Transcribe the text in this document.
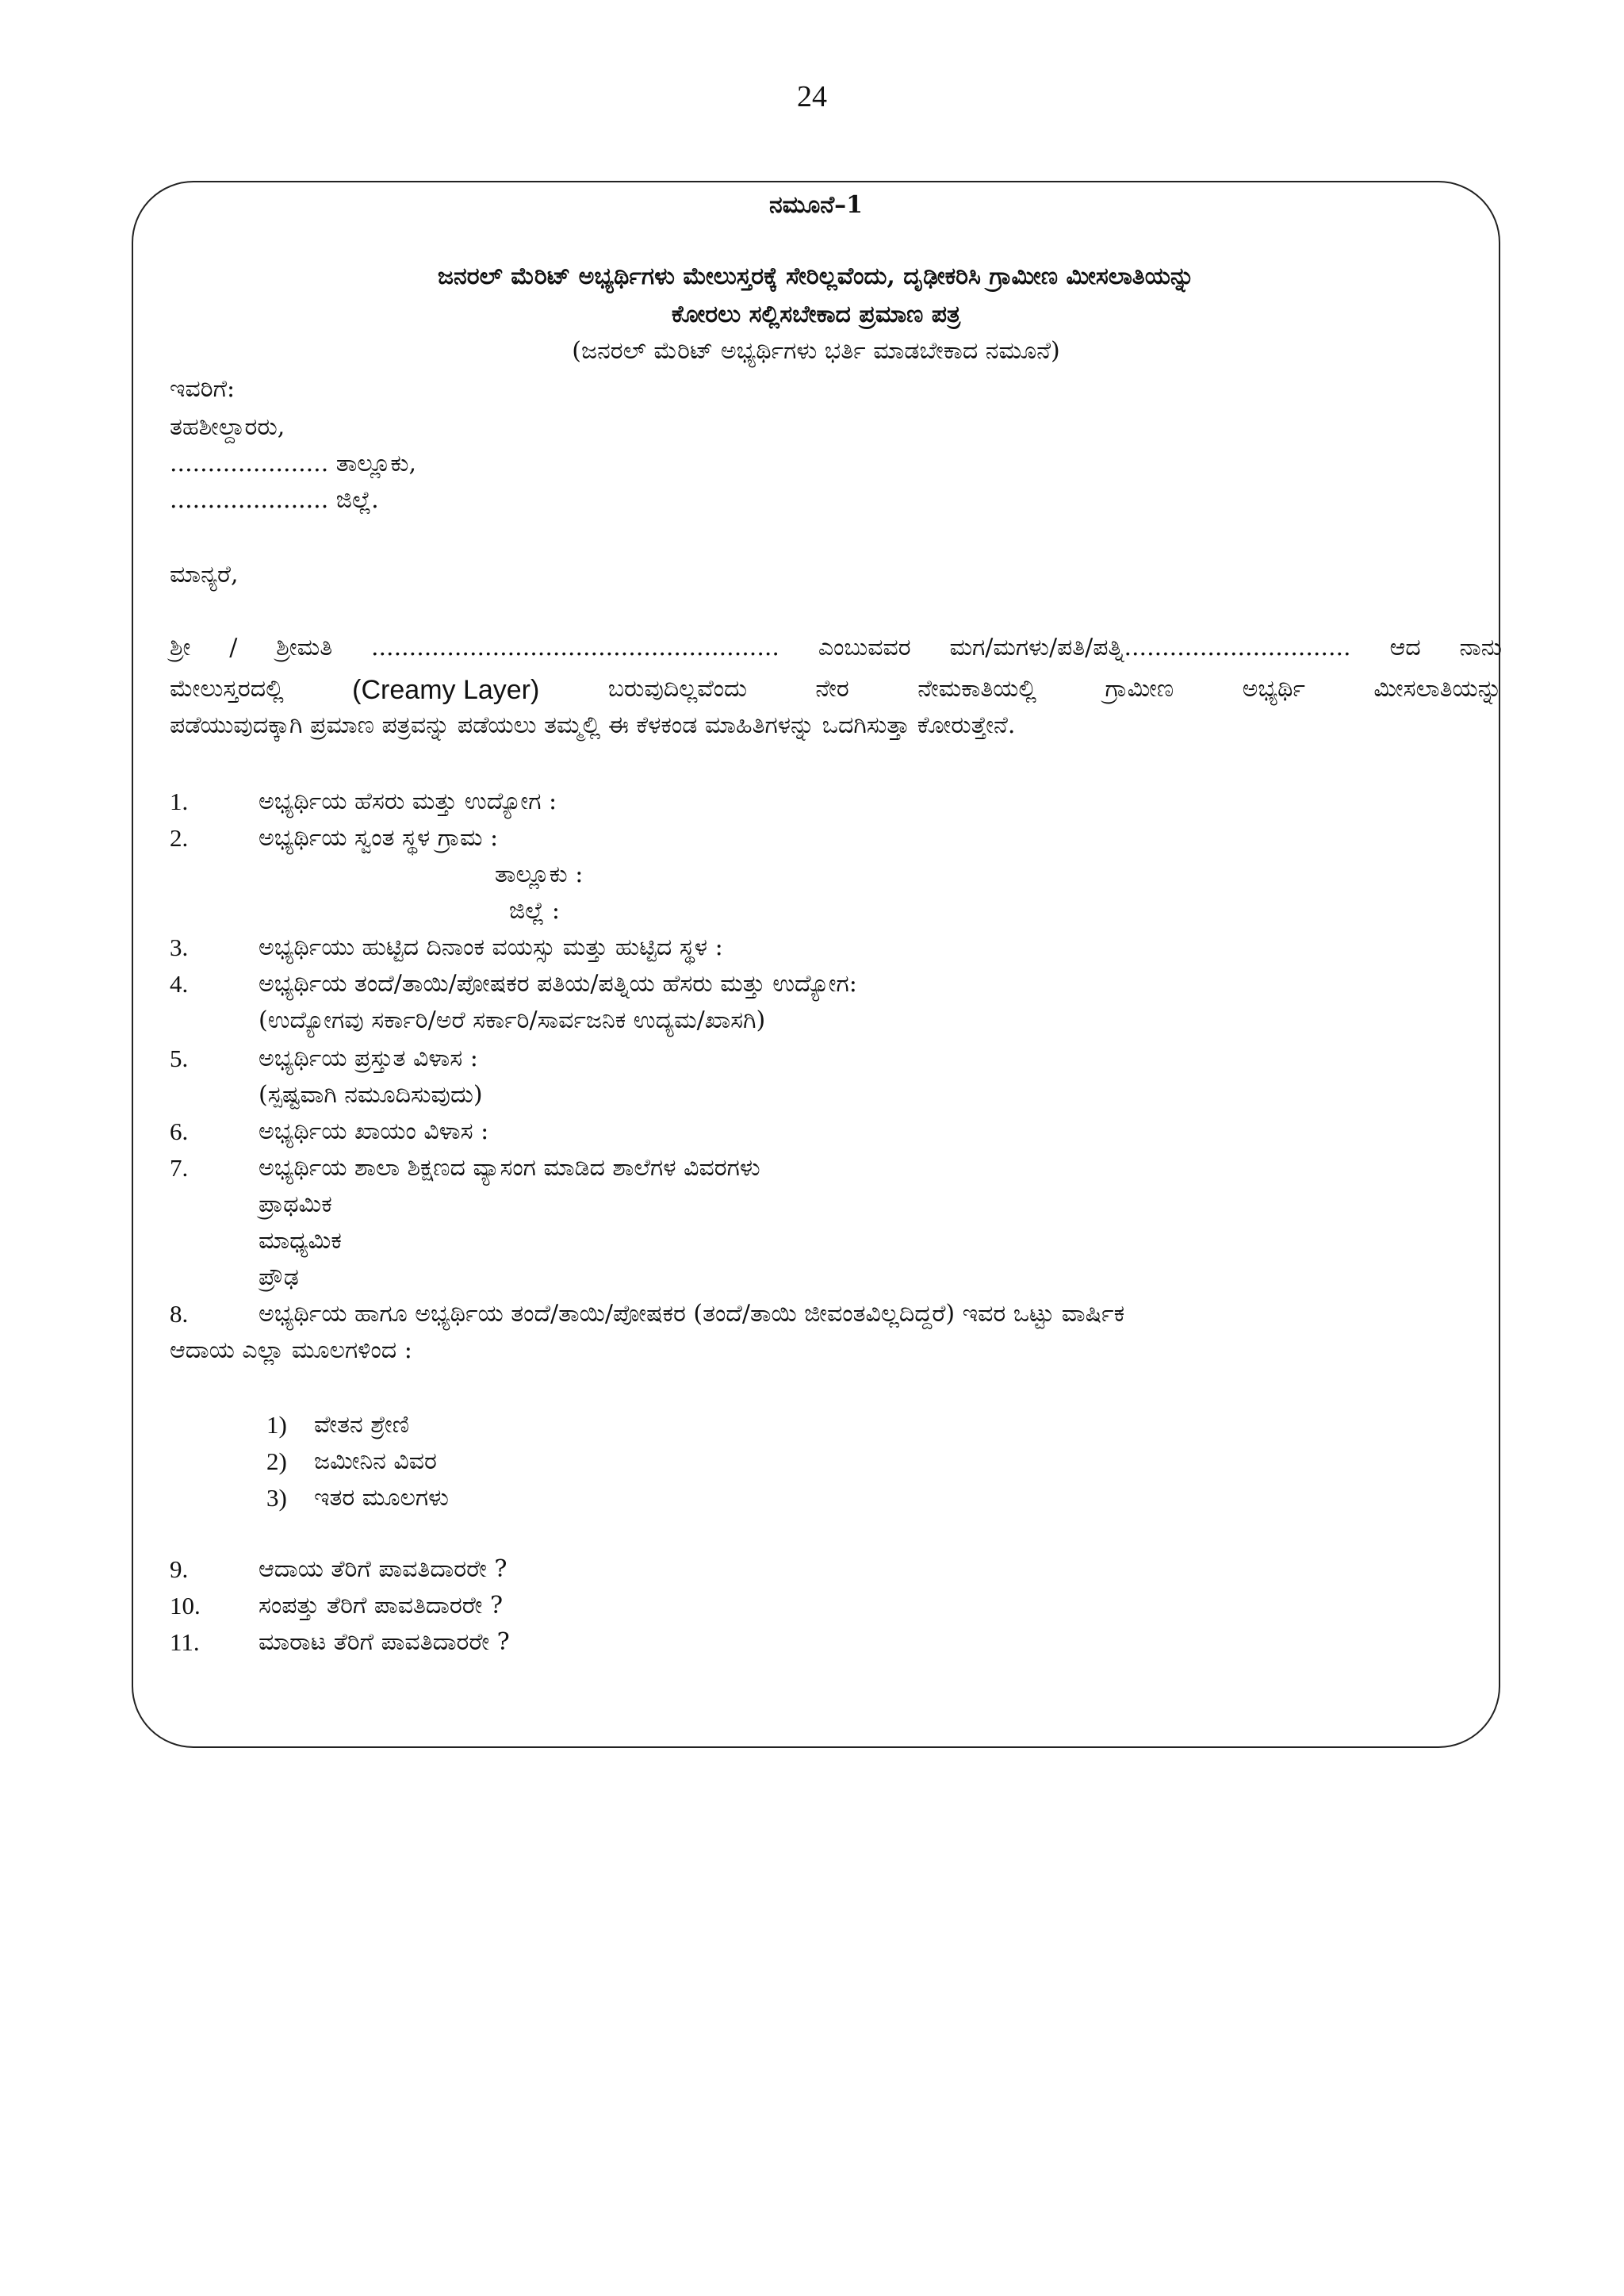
24
ನಮೂನೆ–1
ಜನರಲ್ ಮೆರಿಟ್ ಅಭ್ಯರ್ಥಿಗಳು ಮೇಲುಸ್ತರಕ್ಕೆ ಸೇರಿಲ್ಲವೆಂದು, ದೃಢೀಕರಿಸಿ ಗ್ರಾಮೀಣ ಮೀಸಲಾತಿಯನ್ನು
ಕೋರಲು ಸಲ್ಲಿಸಬೇಕಾದ ಪ್ರಮಾಣ ಪತ್ರ
(ಜನರಲ್ ಮೆರಿಟ್ ಅಭ್ಯರ್ಥಿಗಳು ಭರ್ತಿ ಮಾಡಬೇಕಾದ ನಮೂನೆ)
ಇವರಿಗೆ:
ತಹಶೀಲ್ದಾರರು,
..................... ತಾಲ್ಲೂಕು,
..................... ಜಿಲ್ಲೆ.
ಮಾನ್ಯರೆ,
ಶ್ರೀ / ಶ್ರೀಮತಿ ...................................................... ಎಂಬುವವರ ಮಗ/ಮಗಳು/ಪತಿ/ಪತ್ನಿ.............................. ಆದ ನಾನು
ಮೇಲುಸ್ತರದಲ್ಲಿ	(Creamy Layer)	ಬರುವುದಿಲ್ಲವೆಂದು	ನೇರ	ನೇಮಕಾತಿಯಲ್ಲಿ	ಗ್ರಾಮೀಣ	ಅಭ್ಯರ್ಥಿ	ಮೀಸಲಾತಿಯನ್ನು
ಪಡೆಯುವುದಕ್ಕಾಗಿ ಪ್ರಮಾಣ ಪತ್ರವನ್ನು ಪಡೆಯಲು ತಮ್ಮಲ್ಲಿ ಈ ಕೆಳಕಂಡ ಮಾಹಿತಿಗಳನ್ನು ಒದಗಿಸುತ್ತಾ ಕೋರುತ್ತೇನೆ.
1.	ಅಭ್ಯರ್ಥಿಯ ಹೆಸರು ಮತ್ತು ಉದ್ಯೋಗ :
2.	ಅಭ್ಯರ್ಥಿಯ ಸ್ವಂತ ಸ್ಥಳ ಗ್ರಾಮ :
ತಾಲ್ಲೂಕು :
ಜಿಲ್ಲೆ :
3.	ಅಭ್ಯರ್ಥಿಯು ಹುಟ್ಟಿದ ದಿನಾಂಕ ವಯಸ್ಸು ಮತ್ತು ಹುಟ್ಟಿದ ಸ್ಥಳ :
4.	ಅಭ್ಯರ್ಥಿಯ ತಂದೆ/ತಾಯಿ/ಪೋಷಕರ ಪತಿಯ/ಪತ್ನಿಯ ಹೆಸರು ಮತ್ತು ಉದ್ಯೋಗ:
(ಉದ್ಯೋಗವು ಸರ್ಕಾರಿ/ಅರೆ ಸರ್ಕಾರಿ/ಸಾರ್ವಜನಿಕ ಉದ್ಯಮ/ಖಾಸಗಿ)
5.	ಅಭ್ಯರ್ಥಿಯ ಪ್ರಸ್ತುತ ವಿಳಾಸ :
(ಸ್ಪಷ್ಟವಾಗಿ ನಮೂದಿಸುವುದು)
6.	ಅಭ್ಯರ್ಥಿಯ ಖಾಯಂ ವಿಳಾಸ :
7.	ಅಭ್ಯರ್ಥಿಯ ಶಾಲಾ ಶಿಕ್ಷಣದ ವ್ಯಾಸಂಗ ಮಾಡಿದ ಶಾಲೆಗಳ ವಿವರಗಳು
ಪ್ರಾಥಮಿಕ
ಮಾಧ್ಯಮಿಕ
ಪ್ರೌಢ
8.	ಅಭ್ಯರ್ಥಿಯ ಹಾಗೂ ಅಭ್ಯರ್ಥಿಯ ತಂದೆ/ತಾಯಿ/ಪೋಷಕರ (ತಂದೆ/ತಾಯಿ ಜೀವಂತವಿಲ್ಲದಿದ್ದರೆ) ಇವರ ಒಟ್ಟು ವಾರ್ಷಿಕ
ಆದಾಯ ಎಲ್ಲಾ ಮೂಲಗಳಿಂದ :
1) ವೇತನ ಶ್ರೇಣಿ
2) ಜಮೀನಿನ ವಿವರ
3) ಇತರ ಮೂಲಗಳು
9.	ಆದಾಯ ತೆರಿಗೆ ಪಾವತಿದಾರರೇ ?
10. ಸಂಪತ್ತು ತೆರಿಗೆ ಪಾವತಿದಾರರೇ ?
11. ಮಾರಾಟ ತೆರಿಗೆ ಪಾವತಿದಾರರೇ ?
